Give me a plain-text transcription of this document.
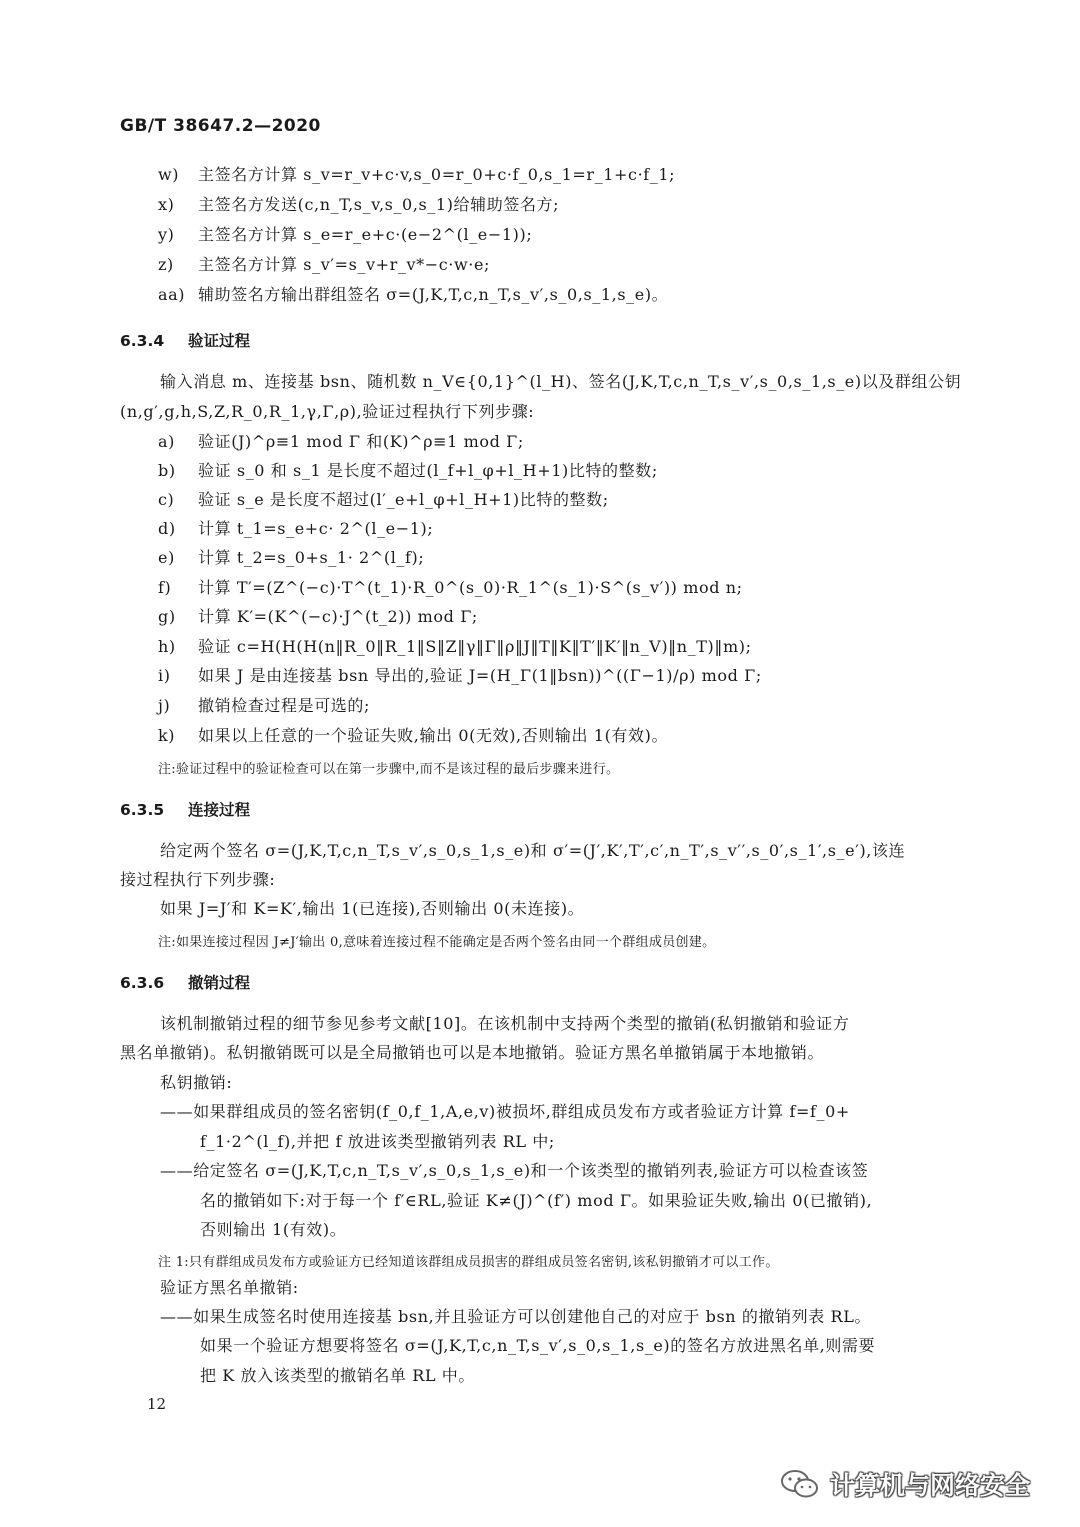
GB/T 38647.2—2020
w) 主签名方计算 s_v=r_v+c·v,s_0=r_0+c·f_0,s_1=r_1+c·f_1;
x) 主签名方发送(c,n_T,s_v,s_0,s_1)给辅助签名方;
y) 主签名方计算 s_e=r_e+c·(e−2^(l_e−1));
z) 主签名方计算 s_v′=s_v+r_v*−c·w·e;
aa) 辅助签名方输出群组签名 σ=(J,K,T,c,n_T,s_v′,s_0,s_1,s_e)。
6.3.4 验证过程
输入消息 m、连接基 bsn、随机数 n_V∈{0,1}^(l_H)、签名(J,K,T,c,n_T,s_v′,s_0,s_1,s_e)以及群组公钥
(n,g′,g,h,S,Z,R_0,R_1,γ,Γ,ρ),验证过程执行下列步骤:
a) 验证(J)^ρ≡1 mod Γ 和(K)^ρ≡1 mod Γ;
b) 验证 s_0 和 s_1 是长度不超过(l_f+l_φ+l_H+1)比特的整数;
c) 验证 s_e 是长度不超过(l′_e+l_φ+l_H+1)比特的整数;
d) 计算 t_1=s_e+c· 2^(l_e−1);
e) 计算 t_2=s_0+s_1· 2^(l_f);
f) 计算 T′=(Z^(−c)·T^(t_1)·R_0^(s_0)·R_1^(s_1)·S^(s_v′)) mod n;
g) 计算 K′=(K^(−c)·J^(t_2)) mod Γ;
h) 验证 c=H(H(H(n‖R_0‖R_1‖S‖Z‖γ‖Γ‖ρ‖J‖T‖K‖T′‖K′‖n_V)‖n_T)‖m);
i) 如果 J 是由连接基 bsn 导出的,验证 J=(H_Γ(1‖bsn))^((Γ−1)/ρ) mod Γ;
j) 撤销检查过程是可选的;
k) 如果以上任意的一个验证失败,输出 0(无效),否则输出 1(有效)。
注:验证过程中的验证检查可以在第一步骤中,而不是该过程的最后步骤来进行。
6.3.5 连接过程
给定两个签名 σ=(J,K,T,c,n_T,s_v′,s_0,s_1,s_e)和 σ′=(J′,K′,T′,c′,n_T′,s_v′′,s_0′,s_1′,s_e′),该连
接过程执行下列步骤:
如果 J=J′和 K=K′,输出 1(已连接),否则输出 0(未连接)。
注:如果连接过程因 J≠J′输出 0,意味着连接过程不能确定是否两个签名由同一个群组成员创建。
6.3.6 撤销过程
该机制撤销过程的细节参见参考文献[10]。在该机制中支持两个类型的撤销(私钥撤销和验证方
黑名单撤销)。私钥撤销既可以是全局撤销也可以是本地撤销。验证方黑名单撤销属于本地撤销。
私钥撤销:
——如果群组成员的签名密钥(f_0,f_1,A,e,v)被损坏,群组成员发布方或者验证方计算 f=f_0+
f_1·2^(l_f),并把 f 放进该类型撤销列表 RL 中;
——给定签名 σ=(J,K,T,c,n_T,s_v′,s_0,s_1,s_e)和一个该类型的撤销列表,验证方可以检查该签
名的撤销如下:对于每一个 f′∈RL,验证 K≠(J)^(f′) mod Γ。如果验证失败,输出 0(已撤销),
否则输出 1(有效)。
注 1:只有群组成员发布方或验证方已经知道该群组成员损害的群组成员签名密钥,该私钥撤销才可以工作。
验证方黑名单撤销:
——如果生成签名时使用连接基 bsn,并且验证方可以创建他自己的对应于 bsn 的撤销列表 RL。
如果一个验证方想要将签名 σ=(J,K,T,c,n_T,s_v′,s_0,s_1,s_e)的签名方放进黑名单,则需要
把 K 放入该类型的撤销名单 RL 中。
12
计算机与网络安全
